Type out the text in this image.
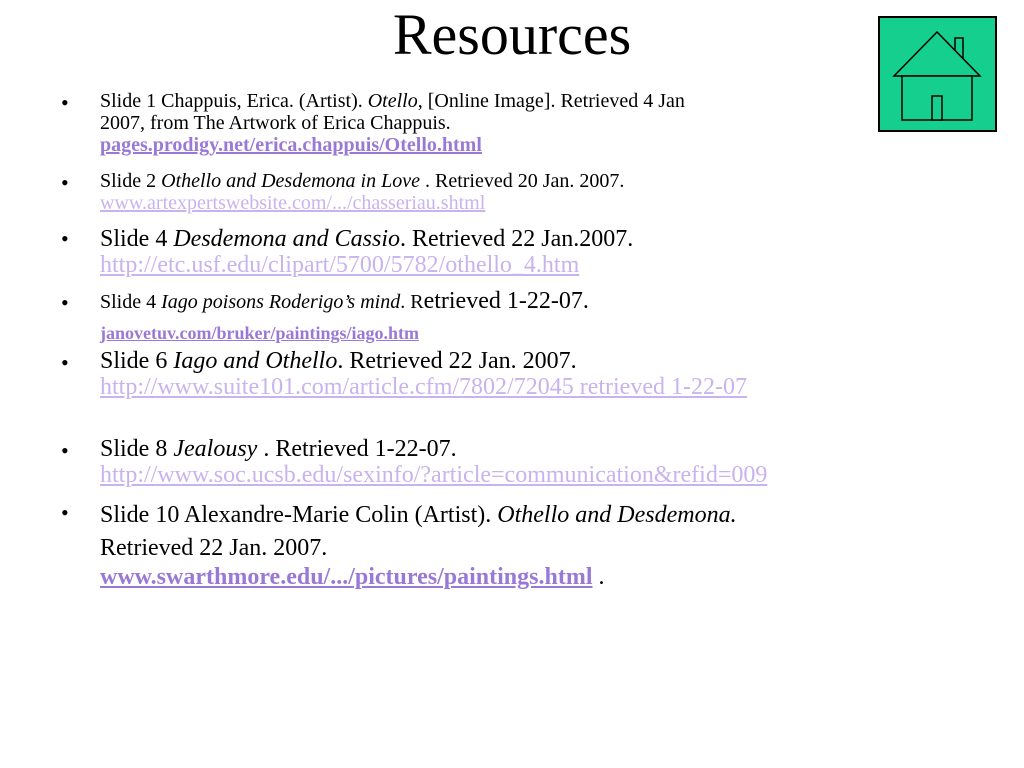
Resources
• Slide 1 Chappuis, Erica. (Artist). Otello, [Online Image]. Retrieved 4 Jan
2007, from The Artwork of Erica Chappuis.
pages.prodigy.net/erica.chappuis/Otello.html
• Slide 2 Othello and Desdemona in Love . Retrieved 20 Jan. 2007.
www.artexpertswebsite.com/.../chasseriau.shtml
• Slide 4 Desdemona and Cassio. Retrieved 22 Jan.2007.
http://etc.usf.edu/clipart/5700/5782/othello_4.htm
• Slide 4 Iago poisons Roderigo’s mind. Retrieved 1-22-07.
janovetuv.com/bruker/paintings/iago.htm
• Slide 6 Iago and Othello. Retrieved 22 Jan. 2007.
http://www.suite101.com/article.cfm/7802/72045 retrieved 1-22-07
• Slide 8 Jealousy . Retrieved 1-22-07.
http://www.soc.ucsb.edu/sexinfo/?article=communication&refid=009
• Slide 10 Alexandre-Marie Colin (Artist). Othello and Desdemona.
Retrieved 22 Jan. 2007.
www.swarthmore.edu/.../pictures/paintings.html .
